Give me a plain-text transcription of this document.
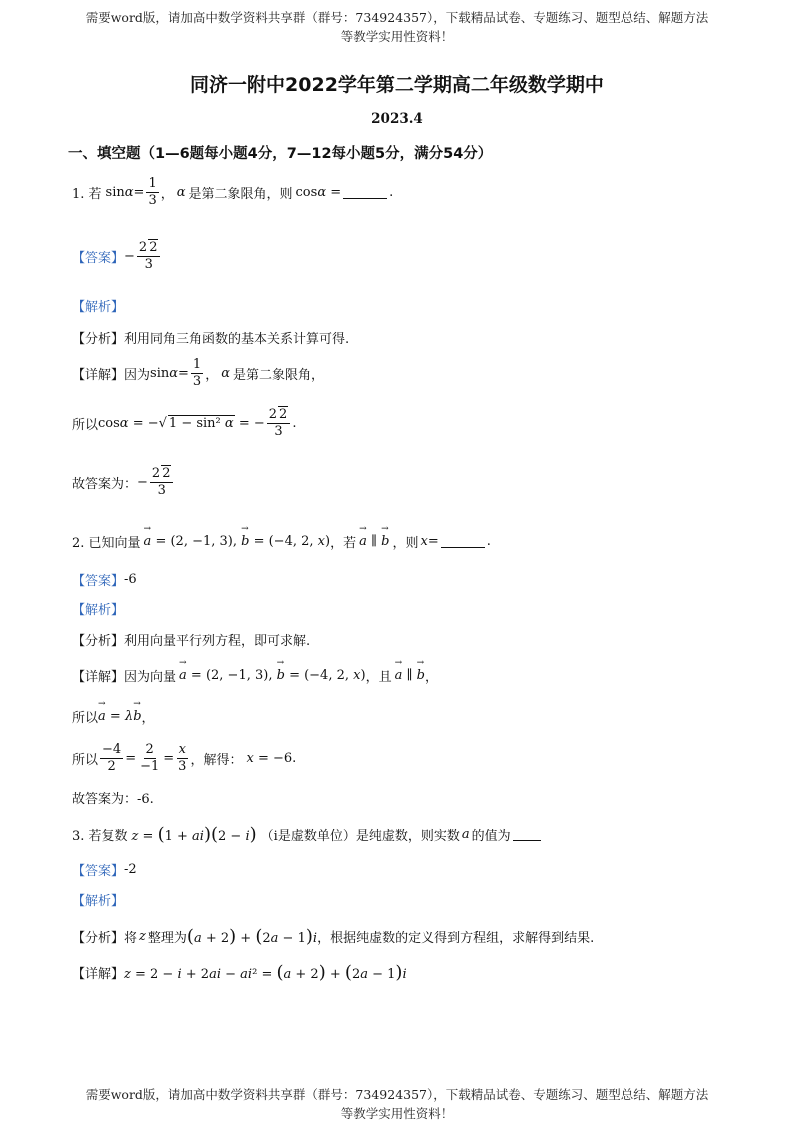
需要word版，请加高中数学资料共享群（群号：734924357），下载精品试卷、专题练习、题型总结、解题方法
等教学实用性资料！
同济一附中2022学年第二学期高二年级数学期中
2023.4
一、填空题（1—6题每小题4分，7—12每小题5分，满分54分）
1. 若 $\sin\alpha= \frac{1}{3}$ ， α 是第二象限角，则 cosα =	.
【答案】 − $\frac{2 2}{3}$
【解析】
【分析】 利用同角三角函数的基本关系计算可得.
【详解】 因为 $\sin\alpha= \frac{1}{3}$ ， α 是第二象限角，
所以 cosα = −√ 1 − sin² α = − $\frac{2 2}{3}$ .
故答案为： − $\frac{2 2}{3}$
2. 已知向量 → a = (2, −1, 3), → b = (−4, 2, x) ，若 → a ∥ → b ，则 x =	.
【答案】 -6
【解析】
【分析】 利用向量平行列方程，即可求解.
【详解】 因为向量 → a = (2, −1, 3), → b = (−4, 2, x) ，且 → a ∥ → b ，
所以 → a = λ→ b ，
所以 $\frac{-4}{2} = \frac{2}{-1} = \frac{x}{3}$ ，解得： x = −6.
故答案为：-6.
3. 若复数 z = (1 + ai)(2 − i) （i是虚数单位）是纯虚数，则实数 a 的值为
【答案】 -2
【解析】
【分析】 将 z 整理为 (a + 2) + (2a − 1)i ，根据纯虚数的定义得到方程组，求解得到结果.
【详解】 z = 2 − i + 2ai − ai² = (a + 2) + (2a − 1)i
需要word版，请加高中数学资料共享群（群号：734924357），下载精品试卷、专题练习、题型总结、解题方法
等教学实用性资料！
